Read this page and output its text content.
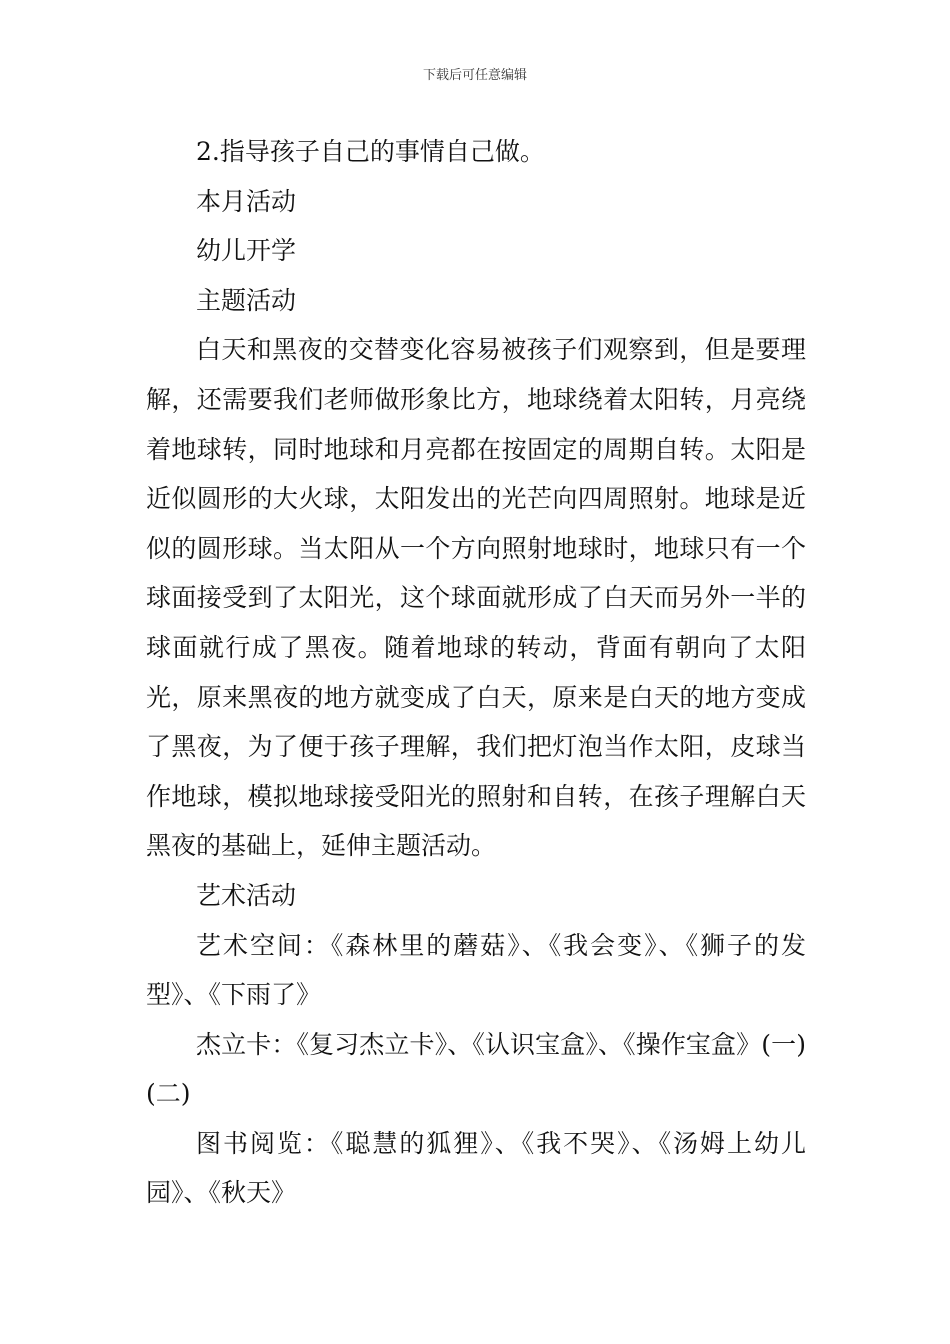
下载后可任意编辑

2.指导孩子自己的事情自己做。

本月活动

幼儿开学

主题活动

白天和黑夜的交替变化容易被孩子们观察到，但是要理解，还需要我们老师做形象比方，地球绕着太阳转，月亮绕着地球转，同时地球和月亮都在按固定的周期自转。太阳是近似圆形的大火球，太阳发出的光芒向四周照射。地球是近似的圆形球。当太阳从一个方向照射地球时，地球只有一个球面接受到了太阳光，这个球面就形成了白天而另外一半的球面就行成了黑夜。随着地球的转动，背面有朝向了太阳光，原来黑夜的地方就变成了白天，原来是白天的地方变成了黑夜，为了便于孩子理解，我们把灯泡当作太阳，皮球当作地球，模拟地球接受阳光的照射和自转，在孩子理解白天黑夜的基础上，延伸主题活动。

艺术活动

艺术空间：《森林里的蘑菇》、《我会变》、《狮子的发型》、《下雨了》

杰立卡：《复习杰立卡》、《认识宝盒》、《操作宝盒》(一)(二)

图书阅览：《聪慧的狐狸》、《我不哭》、《汤姆上幼儿园》、《秋天》
